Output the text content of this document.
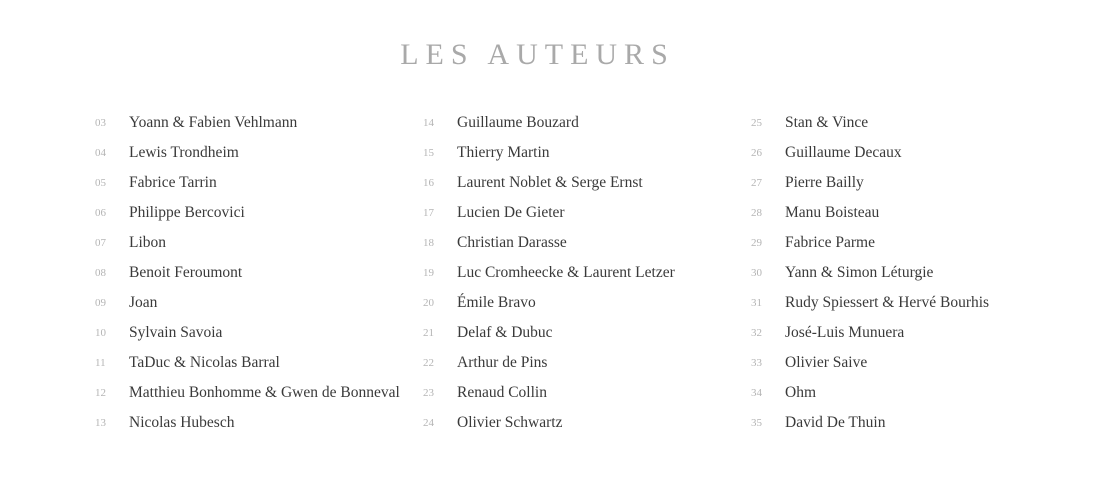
LES AUTEURS
03	Yoann & Fabien Vehlmann
04	Lewis Trondheim
05	Fabrice Tarrin
06	Philippe Bercovici
07	Libon
08	Benoit Feroumont
09	Joan
10	Sylvain Savoia
11	TaDuc & Nicolas Barral
12	Matthieu Bonhomme & Gwen de Bonneval
13	Nicolas Hubesch
14	Guillaume Bouzard
15	Thierry Martin
16	Laurent Noblet & Serge Ernst
17	Lucien De Gieter
18	Christian Darasse
19	Luc Cromheecke & Laurent Letzer
20	Émile Bravo
21	Delaf & Dubuc
22	Arthur de Pins
23	Renaud Collin
24	Olivier Schwartz
25	Stan & Vince
26	Guillaume Decaux
27	Pierre Bailly
28	Manu Boisteau
29	Fabrice Parme
30	Yann & Simon Léturgie
31	Rudy Spiessert & Hervé Bourhis
32	José-Luis Munuera
33	Olivier Saive
34	Ohm
35	David De Thuin
